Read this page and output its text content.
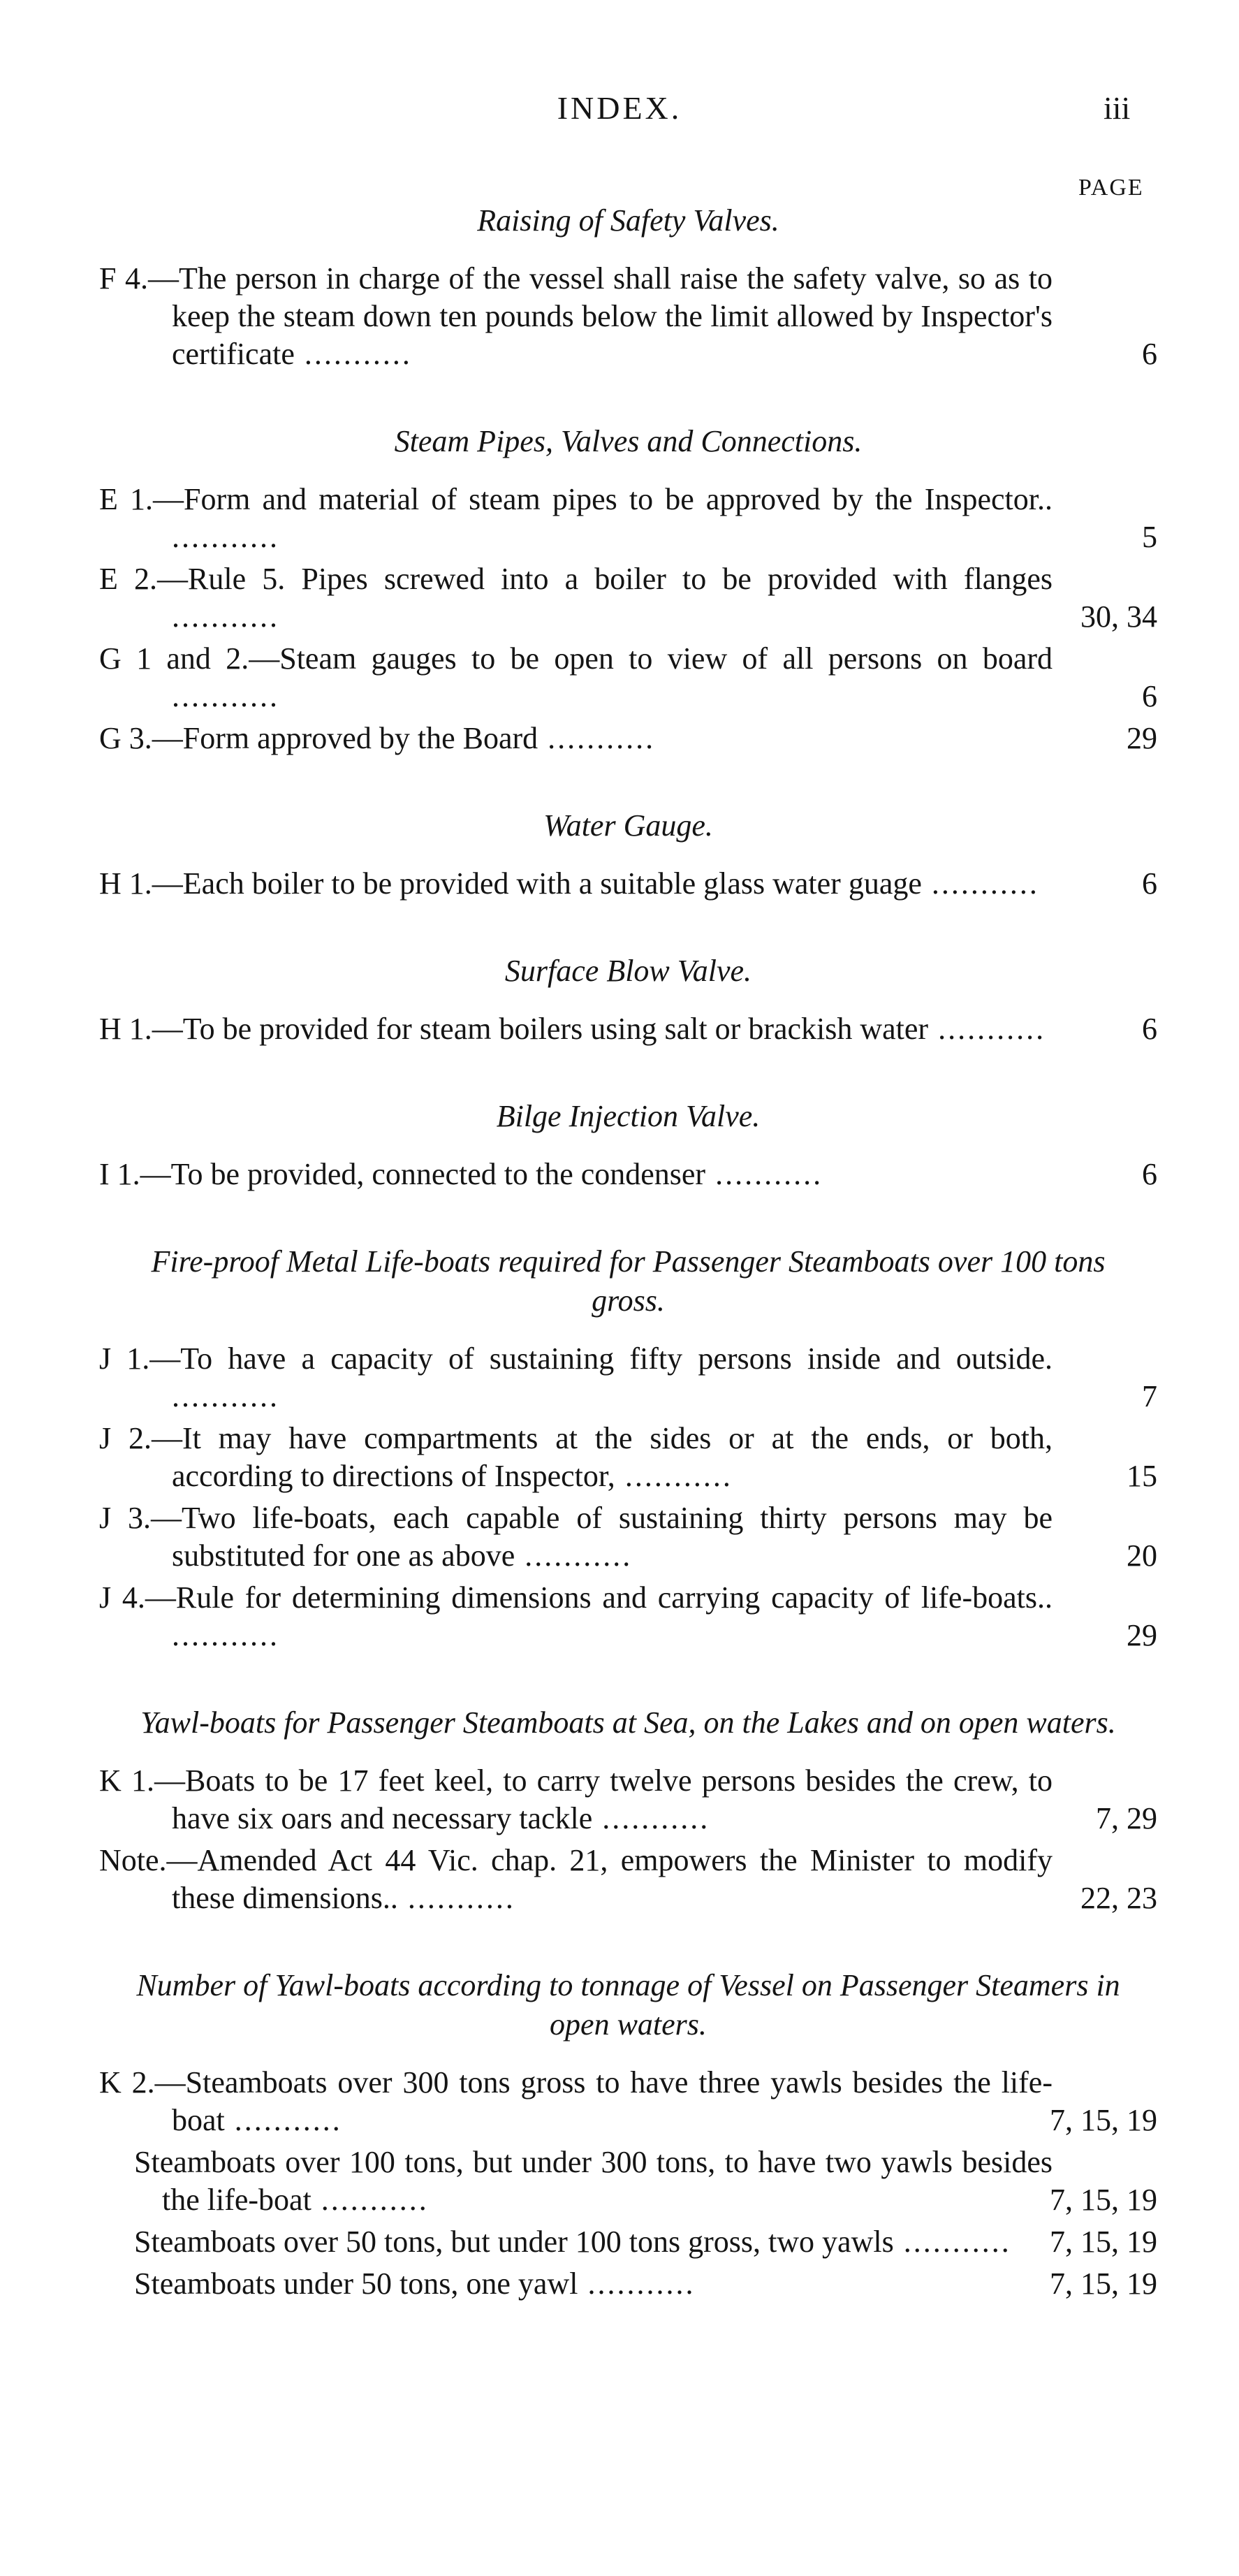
INDEX.	iii
PAGE
Raising of Safety Valves.
F 4.—The person in charge of the vessel shall raise the safety valve, so as to keep the steam down ten pounds below the limit allowed by Inspector's certificate ...........	6
Steam Pipes, Valves and Connections.
E 1.—Form and material of steam pipes to be approved by the Inspector.. ...........	5
E 2.—Rule 5. Pipes screwed into a boiler to be provided with flanges ...........	30, 34
G 1 and 2.—Steam gauges to be open to view of all persons on board ...........	6
G 3.—Form approved by the Board ...........	29
Water Gauge.
H 1.—Each boiler to be provided with a suitable glass water guage ...........	6
Surface Blow Valve.
H 1.—To be provided for steam boilers using salt or brackish water ...........	6
Bilge Injection Valve.
I 1.—To be provided, connected to the condenser ...........	6
Fire-proof Metal Life-boats required for Passenger Steamboats over 100 tons gross.
J 1.—To have a capacity of sustaining fifty persons inside and outside. ...........	7
J 2.—It may have compartments at the sides or at the ends, or both, according to directions of Inspector, ...........	15
J 3.—Two life-boats, each capable of sustaining thirty persons may be substituted for one as above ...........	20
J 4.—Rule for determining dimensions and carrying capacity of life-boats.. ...........	29
Yawl-boats for Passenger Steamboats at Sea, on the Lakes and on open waters.
K 1.—Boats to be 17 feet keel, to carry twelve persons besides the crew, to have six oars and necessary tackle ...........	7, 29
Note.—Amended Act 44 Vic. chap. 21, empowers the Minister to modify these dimensions.. ...........	22, 23
Number of Yawl-boats according to tonnage of Vessel on Passenger Steamers in open waters.
K 2.—Steamboats over 300 tons gross to have three yawls besides the life-boat ...........	7, 15, 19
Steamboats over 100 tons, but under 300 tons, to have two yawls besides the life-boat ...........	7, 15, 19
Steamboats over 50 tons, but under 100 tons gross, two yawls ...........	7, 15, 19
Steamboats under 50 tons, one yawl ...........	7, 15, 19
